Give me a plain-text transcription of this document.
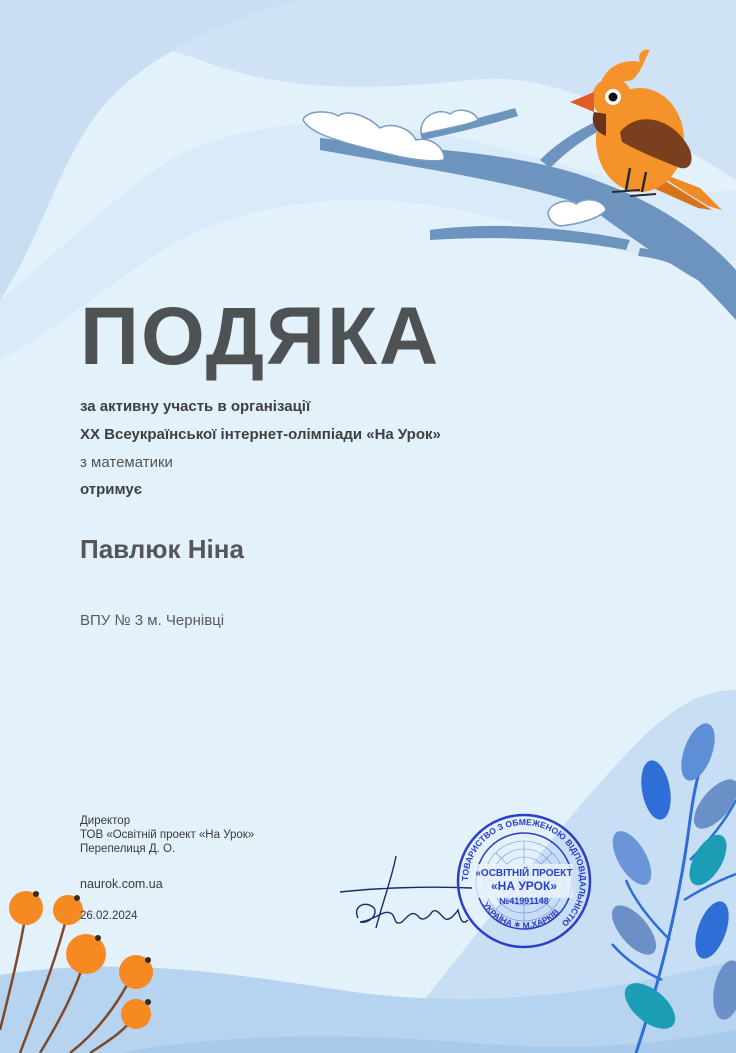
ПОДЯКА

за активну участь в організації

XX Всеукраїнської інтернет-олімпіади «На Урок»

з математики

отримує

Павлюк Ніна

ВПУ № 3 м. Чернівці

Директор

ТОВ «Освітній проект «На Урок»

Перепелиця Д. О.

naurok.com.ua

26.02.2024

ТОВАРИСТВО З ОБМЕЖЕНОЮ ВІДПОВІДАЛЬНІСТЮ
УКРАЇНА ✶ М.ХАРКІВ
«ОСВІТНІЙ ПРОЕКТ
«НА УРОК»
№41991148
